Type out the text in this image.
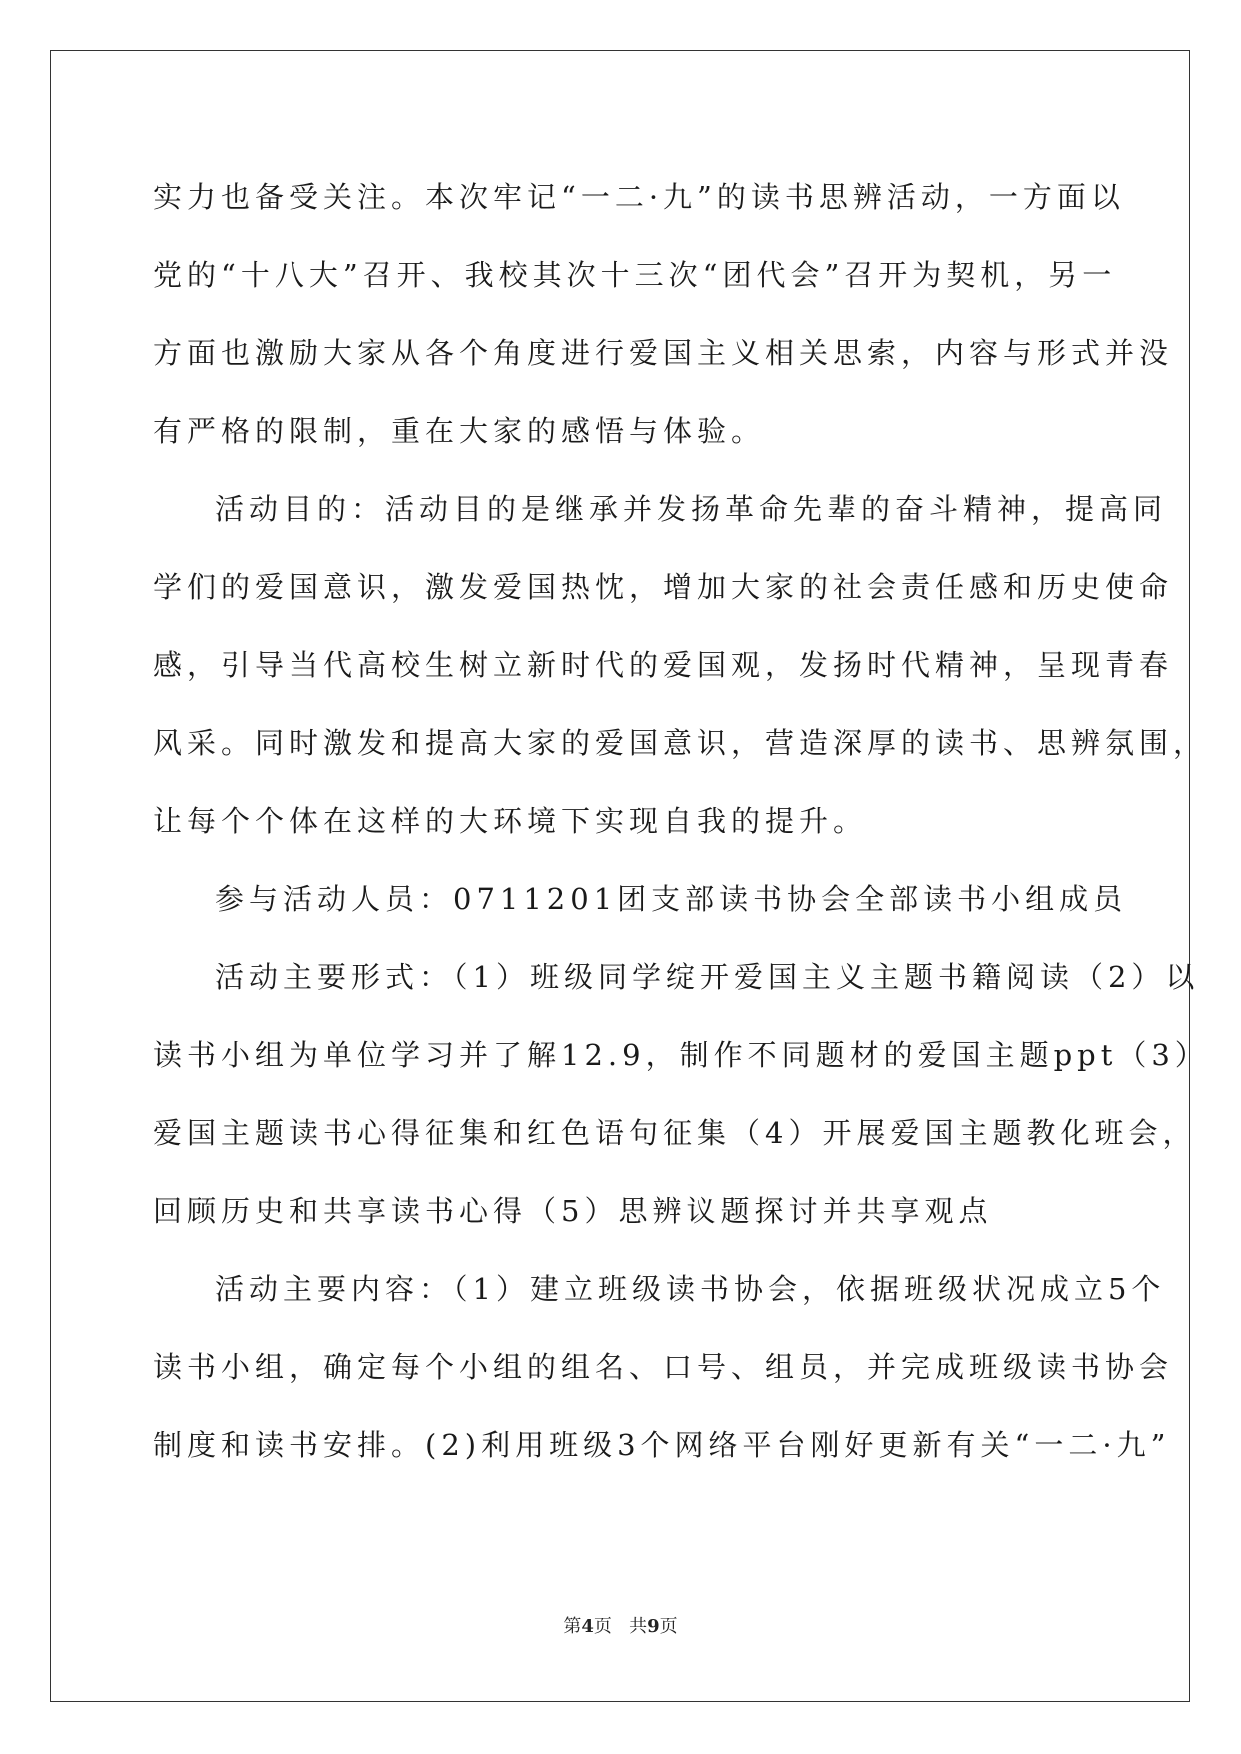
实力也备受关注。本次牢记“一二·九”的读书思辨活动，一方面以
党的“十八大”召开、我校其次十三次“团代会”召开为契机，另一
方面也激励大家从各个角度进行爱国主义相关思索，内容与形式并没
有严格的限制，重在大家的感悟与体验。
活动目的：活动目的是继承并发扬革命先辈的奋斗精神，提高同
学们的爱国意识，激发爱国热忱，增加大家的社会责任感和历史使命
感，引导当代高校生树立新时代的爱国观，发扬时代精神，呈现青春
风采。同时激发和提高大家的爱国意识，营造深厚的读书、思辨氛围，
让每个个体在这样的大环境下实现自我的提升。
参与活动人员：0711201团支部读书协会全部读书小组成员
活动主要形式：（1）班级同学绽开爱国主义主题书籍阅读（2）以
读书小组为单位学习并了解12.9，制作不同题材的爱国主题ppt（3）
爱国主题读书心得征集和红色语句征集（4）开展爱国主题教化班会，
回顾历史和共享读书心得（5）思辨议题探讨并共享观点
活动主要内容：（1）建立班级读书协会，依据班级状况成立5个
读书小组，确定每个小组的组名、口号、组员，并完成班级读书协会
制度和读书安排。(2)利用班级3个网络平台刚好更新有关“一二·九”
第4页 共9页
